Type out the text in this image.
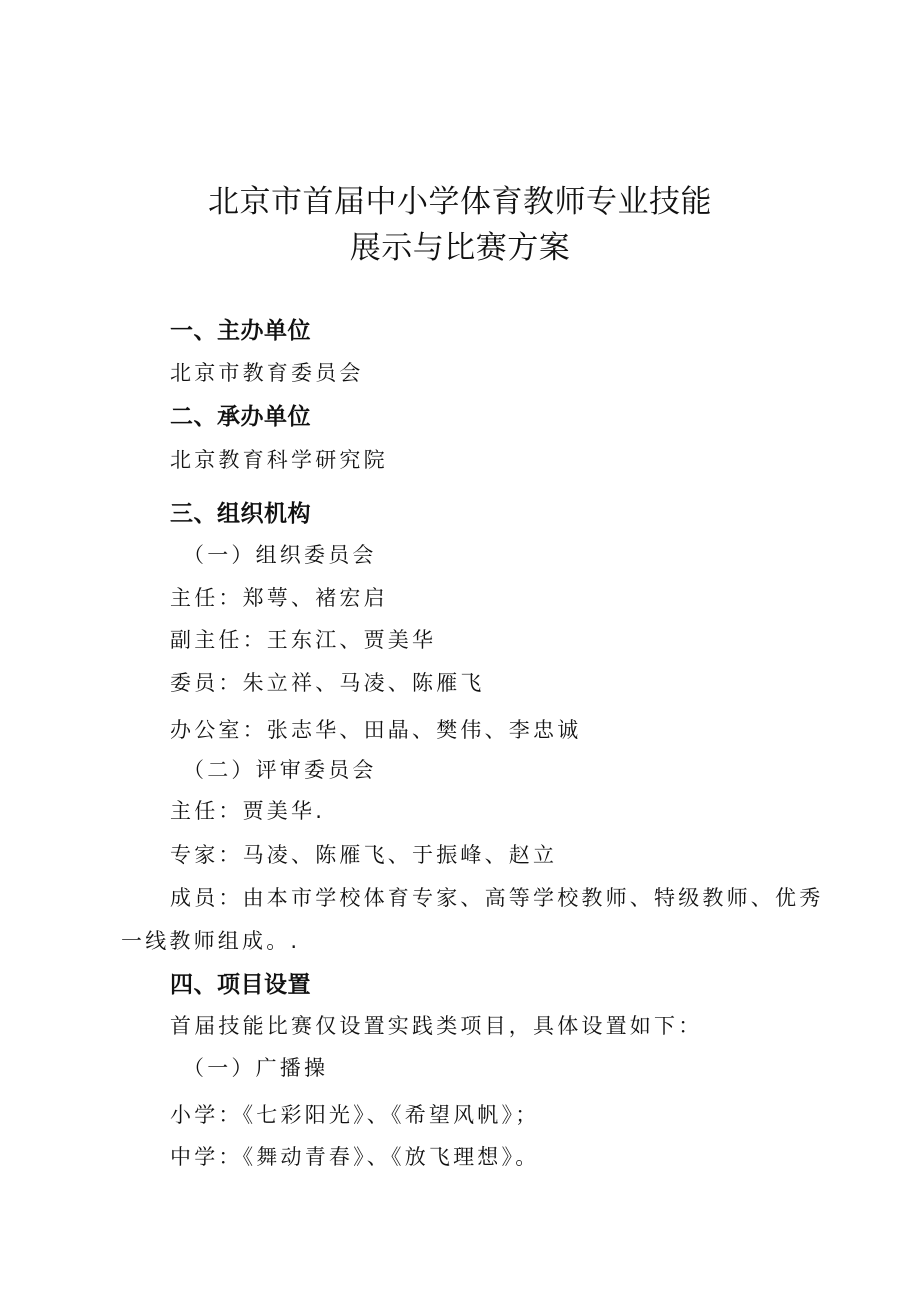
北京市首届中小学体育教师专业技能
展示与比赛方案
一、主办单位
北京市教育委员会
二、承办单位
北京教育科学研究院
三、组织机构
（一）组织委员会
主任：郑萼、褚宏启
副主任：王东江、贾美华
委员：朱立祥、马凌、陈雁飞
办公室：张志华、田晶、樊伟、李忠诚
（二）评审委员会
主任：贾美华.
专家：马凌、陈雁飞、于振峰、赵立
成员：由本市学校体育专家、高等学校教师、特级教师、优秀
一线教师组成。.
四、项目设置
首届技能比赛仅设置实践类项目，具体设置如下：
（一）广播操
小学：《七彩阳光》、《希望风帆》；
中学：《舞动青春》、《放飞理想》。
